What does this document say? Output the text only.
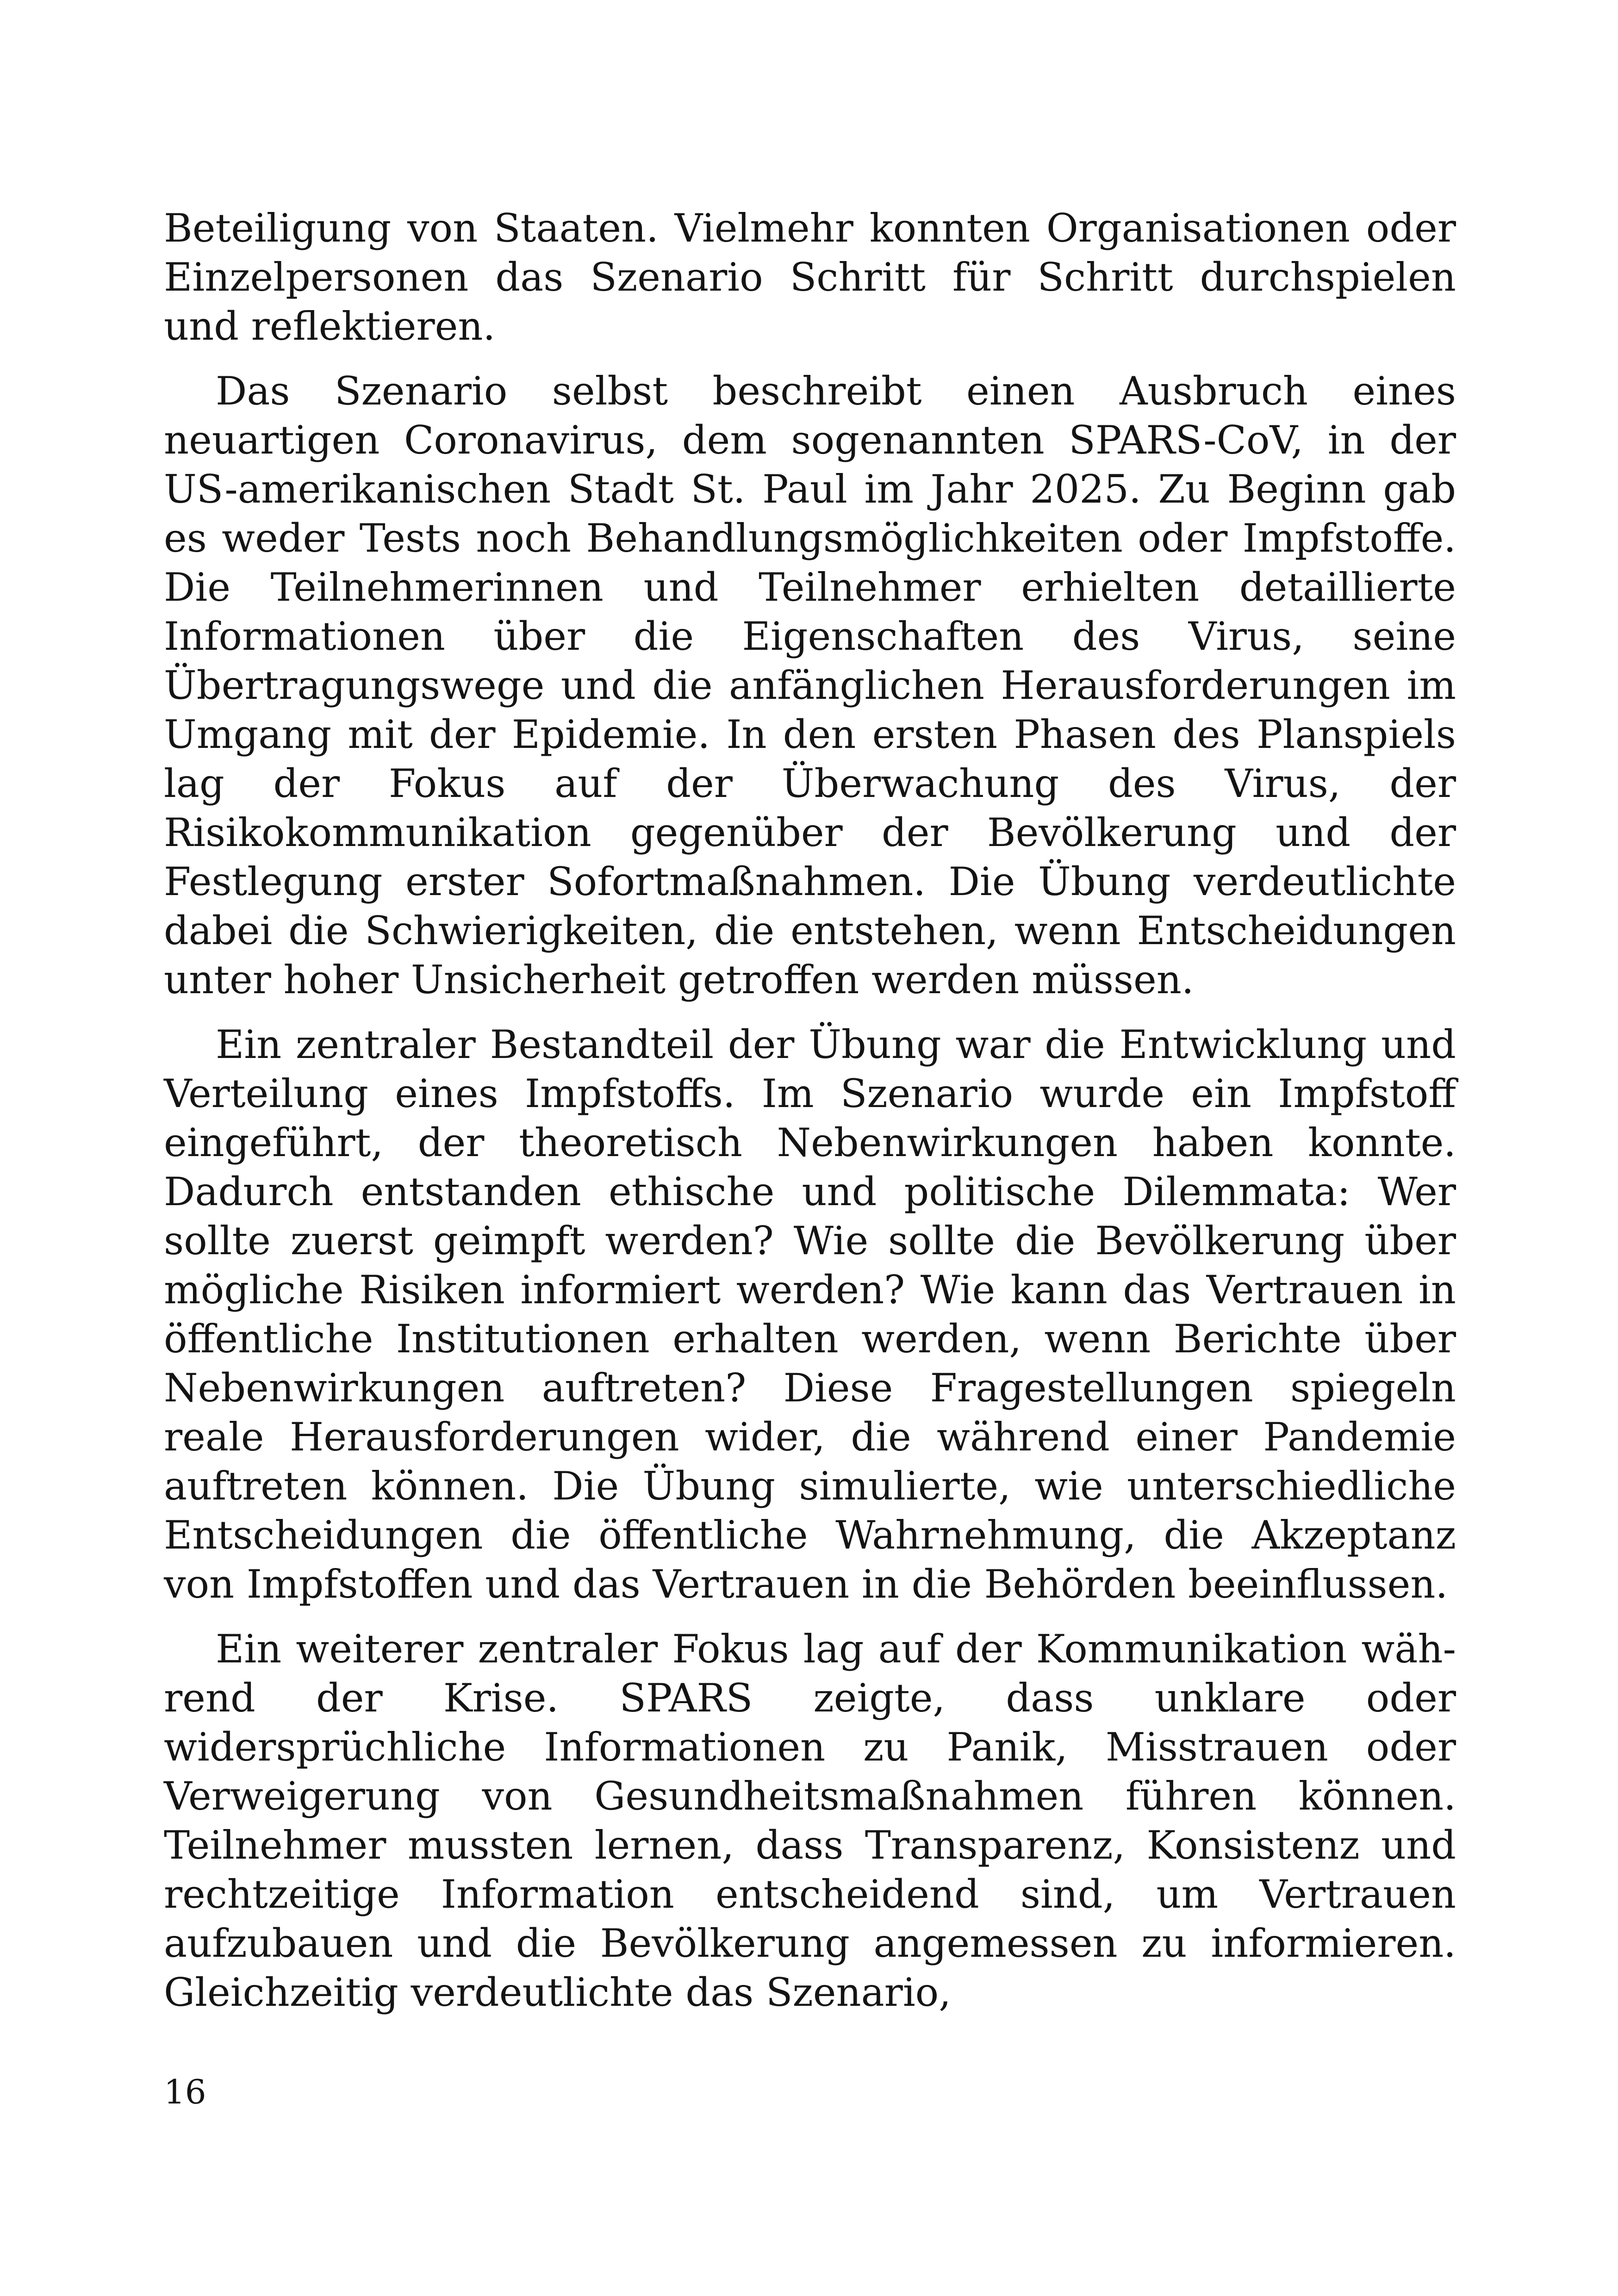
Beteiligung von Staaten. Vielmehr konnten Organisationen oder Einzelpersonen das Szenario Schritt für Schritt durchspielen und reflektieren.

Das Szenario selbst beschreibt einen Ausbruch eines neuartigen Coronavirus, dem sogenannten SPARS-CoV, in der US-amerikanischen Stadt St. Paul im Jahr 2025. Zu Beginn gab es weder Tests noch Behandlungsmöglichkeiten oder Impfstoffe. Die Teilnehmerinnen und Teilnehmer erhielten detaillierte Informationen über die Eigenschaften des Virus, seine Übertragungswege und die anfänglichen Herausforderungen im Umgang mit der Epidemie. In den ersten Phasen des Planspiels lag der Fokus auf der Überwachung des Virus, der Risikokommunikation gegenüber der Bevölkerung und der Festlegung erster Sofortmaßnahmen. Die Übung verdeutlichte dabei die Schwierigkeiten, die entstehen, wenn Entscheidungen unter hoher Unsicherheit getroffen werden müssen.

Ein zentraler Bestandteil der Übung war die Entwicklung und Verteilung eines Impfstoffs. Im Szenario wurde ein Impfstoff eingeführt, der theoretisch Nebenwirkungen haben konnte. Dadurch entstanden ethische und politische Dilemmata: Wer sollte zuerst geimpft werden? Wie sollte die Bevölkerung über mögliche Risiken informiert werden? Wie kann das Vertrauen in öffentliche Institutionen erhalten werden, wenn Berichte über Nebenwirkungen auftreten? Diese Fragestellungen spiegeln reale Herausforderungen wider, die während einer Pandemie auftreten können. Die Übung simulierte, wie unterschiedliche Entscheidungen die öffentliche Wahrnehmung, die Akzeptanz von Impfstoffen und das Vertrauen in die Behörden beeinflussen.

Ein weiterer zentraler Fokus lag auf der Kommunikation während der Krise. SPARS zeigte, dass unklare oder widersprüchliche Informationen zu Panik, Misstrauen oder Verweigerung von Gesundheitsmaßnahmen führen können. Teilnehmer mussten lernen, dass Transparenz, Konsistenz und rechtzeitige Information entscheidend sind, um Vertrauen aufzubauen und die Bevölkerung angemessen zu informieren. Gleichzeitig verdeutlichte das Szenario,

16
